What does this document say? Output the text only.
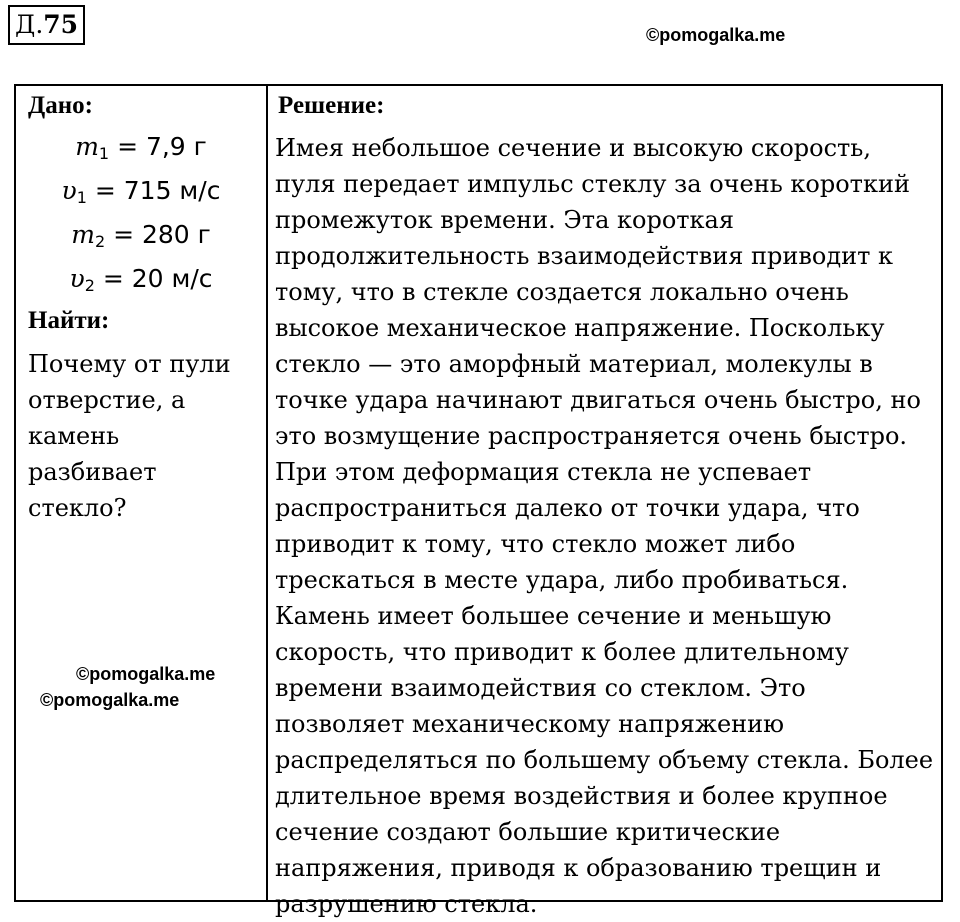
Д.75	©pomogalka.me
Дано:
$m_1 = 7,9$ г
$\upsilon_1 = 715$ м/с
$m_2 = 280$ г
$\upsilon_2 = 20$ м/с
Найти:
Почему от пули
отверстие, а
камень
разбивает
стекло?
Решение:
Имея небольшое сечение и высокую скорость,
пуля передает импульс стеклу за очень короткий
промежуток времени. Эта короткая
продолжительность взаимодействия приводит к
тому, что в стекле создается локально очень
высокое механическое напряжение. Поскольку
стекло — это аморфный материал, молекулы в
точке удара начинают двигаться очень быстро, но
это возмущение распространяется очень быстро.
При этом деформация стекла не успевает
распространиться далеко от точки удара, что
приводит к тому, что стекло может либо
трескаться в месте удара, либо пробиваться.
Камень имеет большее сечение и меньшую
скорость, что приводит к более длительному
времени взаимодействия со стеклом. Это
позволяет механическому напряжению
распределяться по большему объему стекла. Более
длительное время воздействия и более крупное
сечение создают большие критические
напряжения, приводя к образованию трещин и
разрушению стекла.
©pomogalka.me
©pomogalka.me
